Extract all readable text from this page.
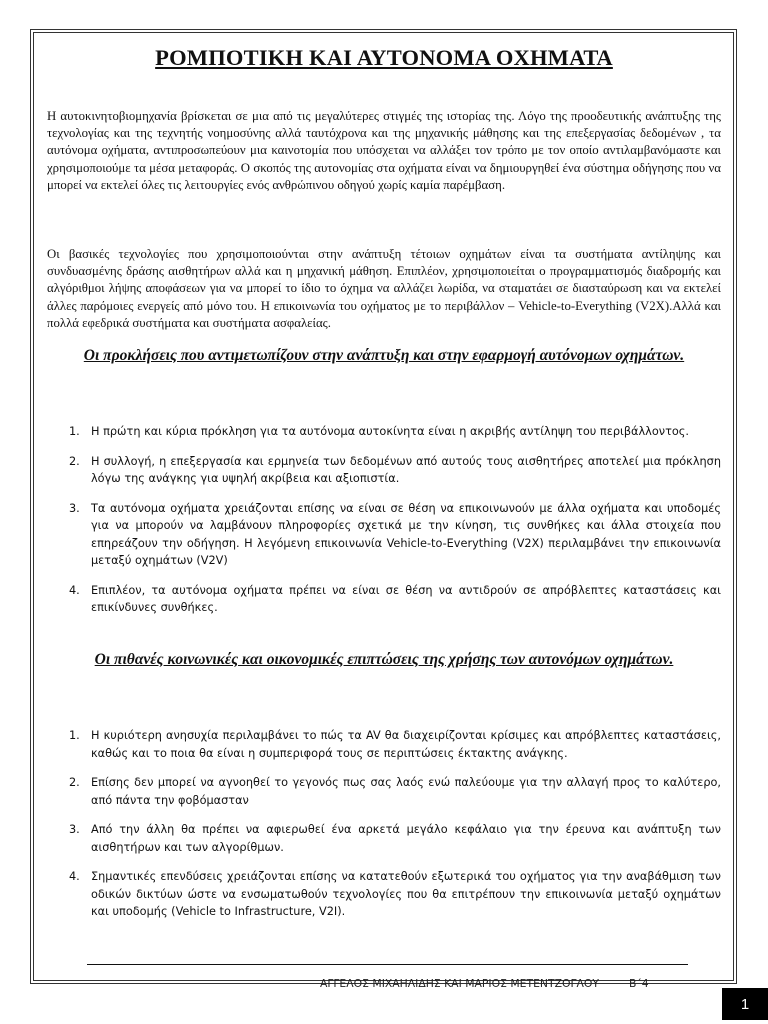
ΡΟΜΠΟΤΙΚΗ ΚΑΙ ΑΥΤΟΝΟΜΑ ΟΧΗΜΑΤΑ

Η αυτοκινητοβιομηχανία βρίσκεται σε μια από τις μεγαλύτερες στιγμές της ιστορίας της. Λόγο της προοδευτικής ανάπτυξης της τεχνολογίας και της τεχνητής νοημοσύνης αλλά ταυτόχρονα και της μηχανικής μάθησης και της επεξεργασίας δεδομένων , τα αυτόνομα οχήματα, αντιπροσωπεύουν μια καινοτομία που υπόσχεται να αλλάξει τον τρόπο με τον οποίο αντιλαμβανόμαστε και χρησιμοποιούμε τα μέσα μεταφοράς. Ο σκοπός της αυτονομίας στα οχήματα είναι να δημιουργηθεί ένα σύστημα οδήγησης που να μπορεί να εκτελεί όλες τις λειτουργίες ενός ανθρώπινου οδηγού χωρίς καμία παρέμβαση.

Οι βασικές τεχνολογίες που χρησιμοποιούνται στην ανάπτυξη τέτοιων οχημάτων είναι τα συστήματα αντίληψης και συνδυασμένης δράσης αισθητήρων αλλά και η μηχανική μάθηση. Επιπλέον, χρησιμοποιείται ο προγραμματισμός διαδρομής και αλγόριθμοι λήψης αποφάσεων για να μπορεί το ίδιο το όχημα να αλλάζει λωρίδα, να σταματάει σε διασταύρωση και να εκτελεί άλλες παρόμοιες ενεργείς από μόνο του. Η επικοινωνία του οχήματος με το περιβάλλον – Vehicle-to-Everything (V2X).Αλλά και πολλά εφεδρικά συστήματα και συστήματα ασφαλείας.

Οι προκλήσεις που αντιμετωπίζουν στην ανάπτυξη και στην εφαρμογή αυτόνομων οχημάτων.
1. Η πρώτη και κύρια πρόκληση για τα αυτόνομα αυτοκίνητα είναι η ακριβής αντίληψη του περιβάλλοντος.
2. Η συλλογή, η επεξεργασία και ερμηνεία των δεδομένων από αυτούς τους αισθητήρες αποτελεί μια πρόκληση λόγω της ανάγκης για υψηλή ακρίβεια και αξιοπιστία.
3. Τα αυτόνομα οχήματα χρειάζονται επίσης να είναι σε θέση να επικοινωνούν με άλλα οχήματα και υποδομές για να μπορούν να λαμβάνουν πληροφορίες σχετικά με την κίνηση, τις συνθήκες και άλλα στοιχεία που επηρεάζουν την οδήγηση. Η λεγόμενη επικοινωνία Vehicle-to-Everything (V2X) περιλαμβάνει την επικοινωνία μεταξύ οχημάτων (V2V)
4. Επιπλέον, τα αυτόνομα οχήματα πρέπει να είναι σε θέση να αντιδρούν σε απρόβλεπτες καταστάσεις και επικίνδυνες συνθήκες.
Οι πιθανές κοινωνικές και οικονομικές επιπτώσεις της χρήσης των αυτονόμων οχημάτων.
1. Η κυριότερη ανησυχία περιλαμβάνει το πώς τα AV θα διαχειρίζονται κρίσιμες και απρόβλεπτες καταστάσεις, καθώς και το ποια θα είναι η συμπεριφορά τους σε περιπτώσεις έκτακτης ανάγκης.
2. Επίσης δεν μπορεί να αγνοηθεί το γεγονός πως σας λαός ενώ παλεύουμε για την αλλαγή προς το καλύτερο, από πάντα την φοβόμασταν
3. Από την άλλη θα πρέπει να αφιερωθεί ένα αρκετά μεγάλο κεφάλαιο για την έρευνα και ανάπτυξη των αισθητήρων και των αλγορίθμων.
4. Σημαντικές επενδύσεις χρειάζονται επίσης να κατατεθούν εξωτερικά του οχήματος για την αναβάθμιση των οδικών δικτύων ώστε να ενσωματωθούν τεχνολογίες που θα επιτρέπουν την επικοινωνία μεταξύ οχημάτων και υποδομής (Vehicle to Infrastructure, V2I).
ΑΓΓΕΛΟΣ ΜΙΧΑΗΛΙΔΗΣ ΚΑΙ ΜΑΡΙΟΣ ΜΕΤΕΝΤΖΟΓΛΟΥ	Β΄4
1
